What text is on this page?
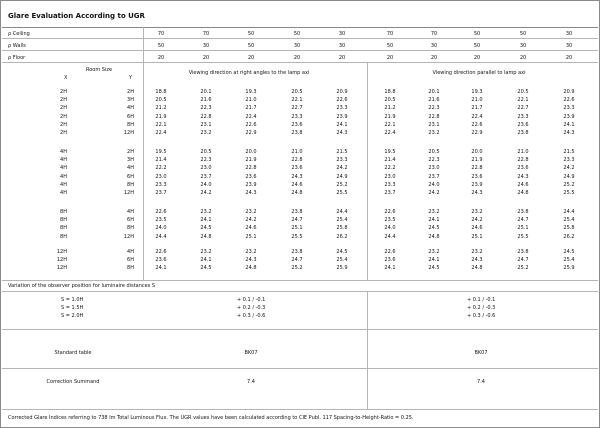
Glare Evaluation According to UGR
ρ Ceiling	70	70	50	50	30	70	70	50	50	30
ρ Walls	50	30	50	30	30	50	30	50	30	30
ρ Floor	20	20	20	20	20	20	20	20	20	20
Room Size
X	Y
Viewing direction at right angles to the lamp axi	Viewing direction parallel to lamp axi
2H	2H	18.8	20.1	19.3	20.5	20.9	18.8	20.1	19.3	20.5	20.9
2H	3H	20.5	21.6	21.0	22.1	22.6	20.5	21.6	21.0	22.1	22.6
2H	4H	21.2	22.3	21.7	22.7	23.3	21.2	22.3	21.7	22.7	23.3
2H	6H	21.9	22.8	22.4	23.3	23.9	21.9	22.8	22.4	23.3	23.9
2H	8H	22.1	23.1	22.6	23.6	24.1	22.1	23.1	22.6	23.6	24.1
2H	12H	22.4	23.2	22.9	23.8	24.3	22.4	23.2	22.9	23.8	24.3
4H	2H	19.5	20.5	20.0	21.0	21.5	19.5	20.5	20.0	21.0	21.5
4H	3H	21.4	22.3	21.9	22.8	23.3	21.4	22.3	21.9	22.8	23.3
4H	4H	22.2	23.0	22.8	23.6	24.2	22.2	23.0	22.8	23.6	24.2
4H	6H	23.0	23.7	23.6	24.3	24.9	23.0	23.7	23.6	24.3	24.9
4H	8H	23.3	24.0	23.9	24.6	25.2	23.3	24.0	23.9	24.6	25.2
4H	12H	23.7	24.2	24.3	24.8	25.5	23.7	24.2	24.3	24.8	25.5
8H	4H	22.6	23.2	23.2	23.8	24.4	22.6	23.2	23.2	23.8	24.4
8H	6H	23.5	24.1	24.2	24.7	25.4	23.5	24.1	24.2	24.7	25.4
8H	8H	24.0	24.5	24.6	25.1	25.8	24.0	24.5	24.6	25.1	25.8
8H	12H	24.4	24.8	25.1	25.5	26.2	24.4	24.8	25.1	25.5	26.2
12H	4H	22.6	23.2	23.2	23.8	24.5	22.6	23.2	23.2	23.8	24.5
12H	6H	23.6	24.1	24.3	24.7	25.4	23.6	24.1	24.3	24.7	25.4
12H	8H	24.1	24.5	24.8	25.2	25.9	24.1	24.5	24.8	25.2	25.9
Variation of the observer position for luminaire distances S
S = 1.0H	+ 0.1 / -0.1	+ 0.1 / -0.1
S = 1.5H	+ 0.2 / -0.3	+ 0.2 / -0.3
S = 2.0H	+ 0.3 / -0.6	+ 0.3 / -0.6
Standard table	BK07	BK07
Correction Summand	7.4	7.4
Corrected Glare Indices referring to 738 lm Total Luminous Flux. The UGR values have been calculated according to CIE Publ. 117 Spacing-to-Height-Ratio = 0.25.
